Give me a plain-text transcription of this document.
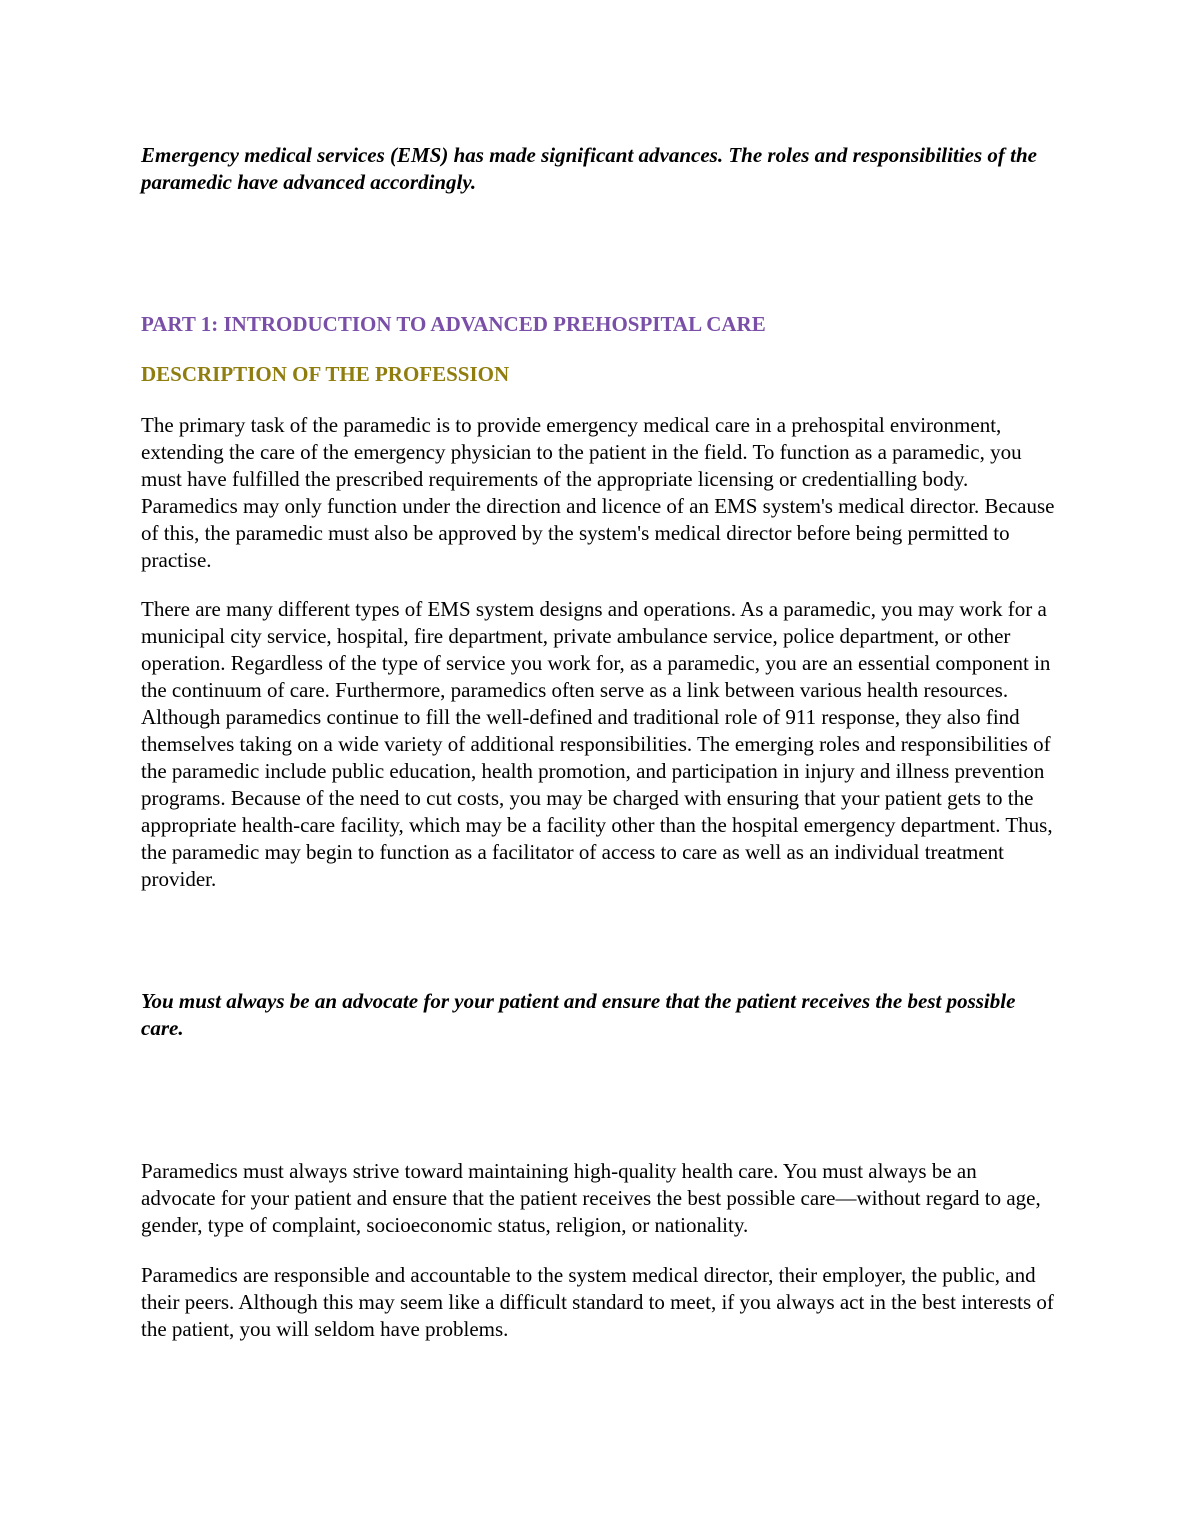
Emergency medical services (EMS) has made significant advances. The roles and responsibilities of the paramedic have advanced accordingly.

PART 1: INTRODUCTION TO ADVANCED PREHOSPITAL CARE
DESCRIPTION OF THE PROFESSION

The primary task of the paramedic is to provide emergency medical care in a prehospital environment, extending the care of the emergency physician to the patient in the field. To function as a paramedic, you must have fulfilled the prescribed requirements of the appropriate licensing or credentialling body. Paramedics may only function under the direction and licence of an EMS system's medical director. Because of this, the paramedic must also be approved by the system's medical director before being permitted to practise.

There are many different types of EMS system designs and operations. As a paramedic, you may work for a municipal city service, hospital, fire department, private ambulance service, police department, or other operation. Regardless of the type of service you work for, as a paramedic, you are an essential component in the continuum of care. Furthermore, paramedics often serve as a link between various health resources. Although paramedics continue to fill the well-defined and traditional role of 911 response, they also find themselves taking on a wide variety of additional responsibilities. The emerging roles and responsibilities of the paramedic include public education, health promotion, and participation in injury and illness prevention programs. Because of the need to cut costs, you may be charged with ensuring that your patient gets to the appropriate health-care facility, which may be a facility other than the hospital emergency department. Thus, the paramedic may begin to function as a facilitator of access to care as well as an individual treatment provider.

You must always be an advocate for your patient and ensure that the patient receives the best possible care.

Paramedics must always strive toward maintaining high-quality health care. You must always be an advocate for your patient and ensure that the patient receives the best possible care—without regard to age, gender, type of complaint, socioeconomic status, religion, or nationality.

Paramedics are responsible and accountable to the system medical director, their employer, the public, and their peers. Although this may seem like a difficult standard to meet, if you always act in the best interests of the patient, you will seldom have problems.
